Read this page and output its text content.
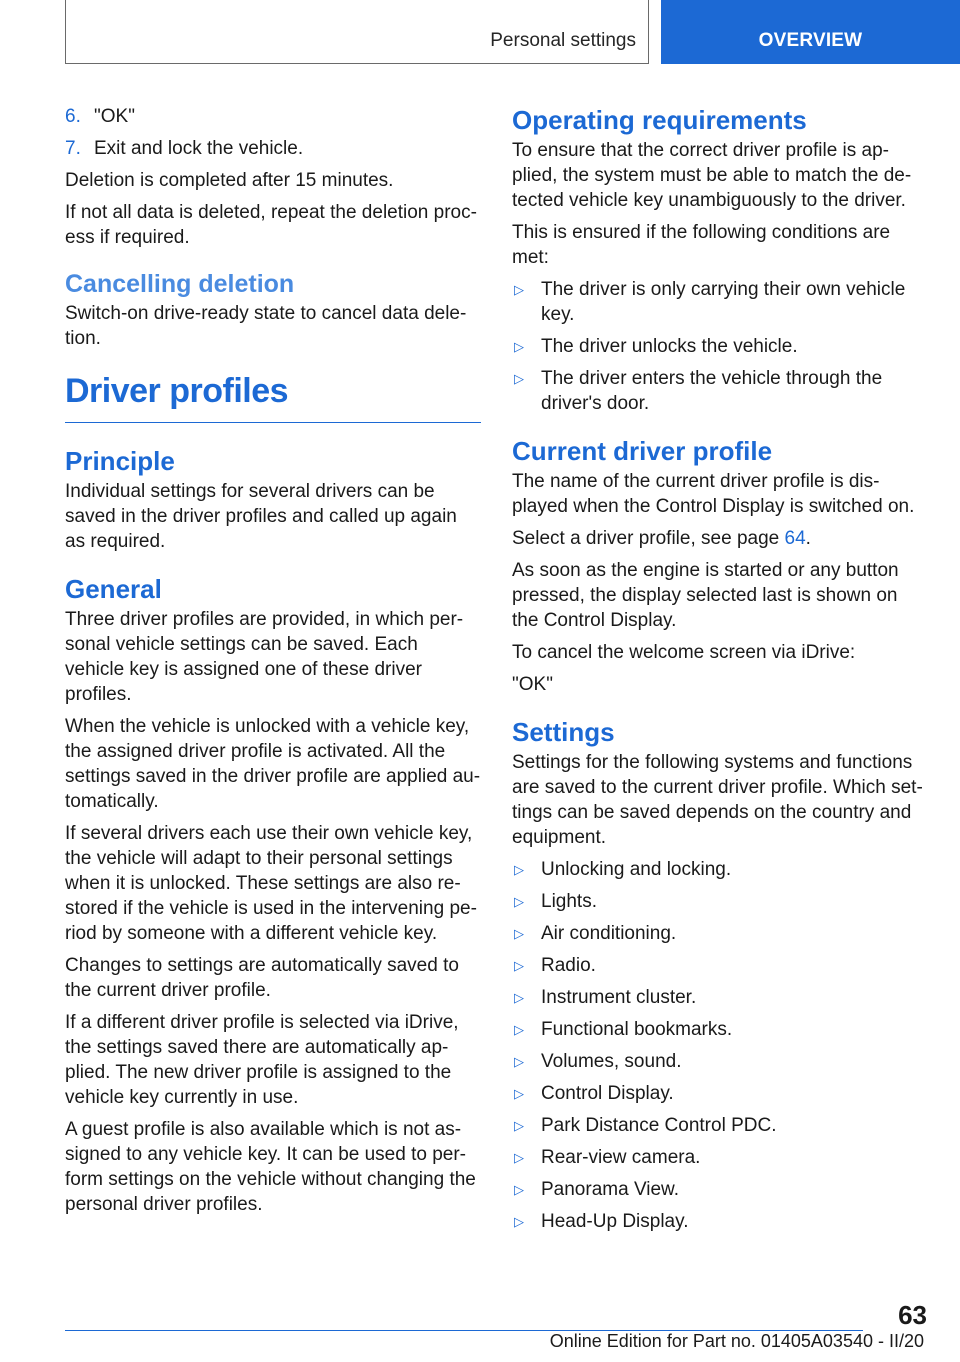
Personal settings	OVERVIEW
6. "OK"
7. Exit and lock the vehicle.

Deletion is completed after 15 minutes.

If not all data is deleted, repeat the deletion proc-ess if required.

Cancelling deletion

Switch-on drive-ready state to cancel data dele-tion.

Driver profiles
Principle

Individual settings for several drivers can be saved in the driver profiles and called up again as required.

General

Three driver profiles are provided, in which per-sonal vehicle settings can be saved. Each vehicle key is assigned one of these driver profiles.

When the vehicle is unlocked with a vehicle key, the assigned driver profile is activated. All the settings saved in the driver profile are applied au-tomatically.

If several drivers each use their own vehicle key, the vehicle will adapt to their personal settings when it is unlocked. These settings are also re-stored if the vehicle is used in the intervening pe-riod by someone with a different vehicle key.

Changes to settings are automatically saved to the current driver profile.

If a different driver profile is selected via iDrive, the settings saved there are automatically ap-plied. The new driver profile is assigned to the vehicle key currently in use.

A guest profile is also available which is not as-signed to any vehicle key. It can be used to per-form settings on the vehicle without changing the personal driver profiles.

Operating requirements

To ensure that the correct driver profile is ap-plied, the system must be able to match the de-tected vehicle key unambiguously to the driver.

This is ensured if the following conditions are met:

▷ The driver is only carrying their own vehicle key.
▷ The driver unlocks the vehicle.
▷ The driver enters the vehicle through the driver's door.
Current driver profile

The name of the current driver profile is dis-played when the Control Display is switched on.

Select a driver profile, see page 64.

As soon as the engine is started or any button pressed, the display selected last is shown on the Control Display.

To cancel the welcome screen via iDrive:

"OK"

Settings

Settings for the following systems and functions are saved to the current driver profile. Which set-tings can be saved depends on the country and equipment.

▷ Unlocking and locking.
▷ Lights.
▷ Air conditioning.
▷ Radio.
▷ Instrument cluster.
▷ Functional bookmarks.
▷ Volumes, sound.
▷ Control Display.
▷ Park Distance Control PDC.
▷ Rear-view camera.
▷ Panorama View.
▷ Head-Up Display.
63
Online Edition for Part no. 01405A03540 - II/20
